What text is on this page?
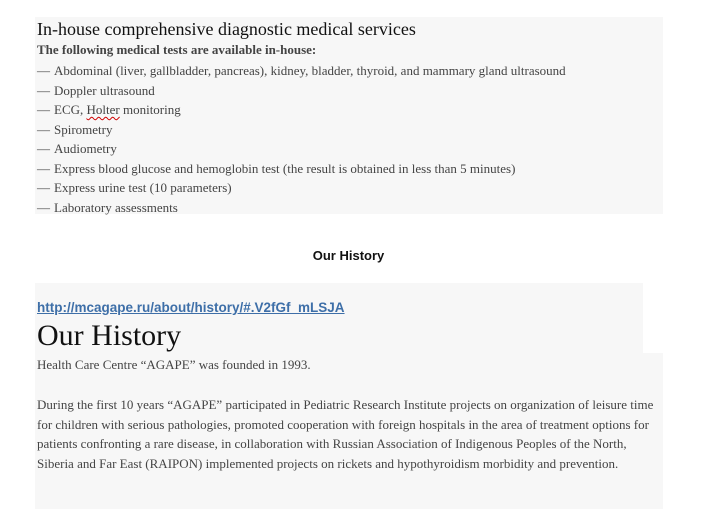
In-house comprehensive diagnostic medical services
The following medical tests are available in-house:
— Abdominal (liver, gallbladder, pancreas), kidney, bladder, thyroid, and mammary gland ultrasound
— Doppler ultrasound
— ECG, Holter monitoring
— Spirometry
— Audiometry
— Express blood glucose and hemoglobin test (the result is obtained in less than 5 minutes)
— Express urine test (10 parameters)
— Laboratory assessments
Our History
http://mcagape.ru/about/history/#.V2fGf_mLSJA
Our History
Health Care Centre “AGAPE” was founded in 1993.

During the first 10 years “AGAPE” participated in Pediatric Research Institute projects on organization of leisure time for children with serious pathologies, promoted cooperation with foreign hospitals in the area of treatment options for patients confronting a rare disease, in collaboration with Russian Association of Indigenous Peoples of the North, Siberia and Far East (RAIPON) implemented projects on rickets and hypothyroidism morbidity and prevention.
